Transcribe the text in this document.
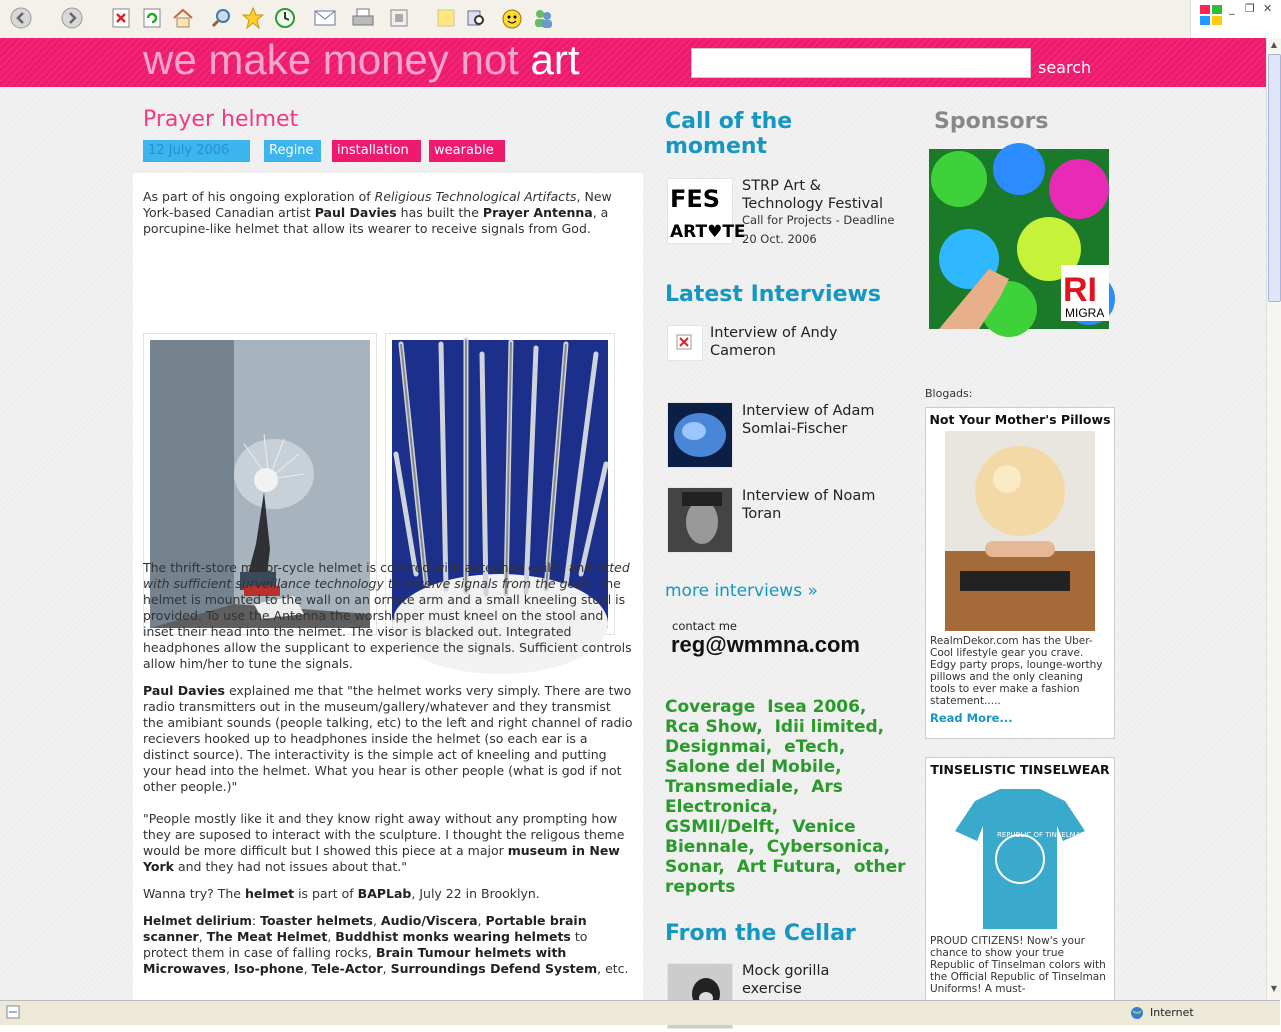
_ ❐ ✕
we make money not art	search
▲
▼
Prayer helmet
12 July 2006	Regine	installation	wearable
As part of his ongoing exploration of Religious Technological Artifacts, New York-based Canadian artist Paul Davies has built the Prayer Antenna, a porcupine-like helmet that allow its wearer to receive signals from God.
The thrift-store motor-cycle helmet is covered with antennae quills, and fitted with sufficient surveillance technology to receive signals from the gods. The helmet is mounted to the wall on an ornate arm and a small kneeling stool is provided. To use the Antenna the worshipper must kneel on the stool and inset their head into the helmet. The visor is blacked out. Integrated headphones allow the supplicant to experience the signals. Sufficient controls allow him/her to tune the signals.
Paul Davies explained me that "the helmet works very simply. There are two radio transmitters out in the museum/gallery/whatever and they transmist the amibiant sounds (people talking, etc) to the left and right channel of radio recievers hooked up to headphones inside the helmet (so each ear is a distinct source). The interactivity is the simple act of kneeling and putting your head into the helmet. What you hear is other people (what is god if not other people.)"
"People mostly like it and they know right away without any prompting how they are suposed to interact with the sculpture. I thought the religous theme would be more difficult but I showed this piece at a major museum in New York and they had not issues about that."
Wanna try? The helmet is part of BAPLab, July 22 in Brooklyn.
Helmet delirium: Toaster helmets, Audio/Viscera, Portable brain scanner, The Meat Helmet, Buddhist monks wearing helmets to protect them in case of falling rocks, Brain Tumour helmets with Microwaves, Iso-phone, Tele-Actor, Surroundings Defend System, etc.
Call of the moment
FES
ART♥TE
STRP Art & Technology Festival
Call for Projects - Deadline 20 Oct. 2006
Latest Interviews
Interview of Andy Cameron
Interview of Adam Somlai-Fischer
Interview of Noam Toran
more interviews »
contact me
reg@wmmna.com
Coverage Isea 2006, Rca Show, Idii limited, Designmai, eTech, Salone del Mobile, Transmediale, Ars Electronica, GSMII/Delft, Venice Biennale, Cybersonica, Sonar, Art Futura, other reports
From the Cellar
Mock gorilla exercise
Sponsors
RI
MIGRA
Blogads:
Not Your Mother's Pillows
RealmDekor.com has the Uber-Cool lifestyle gear you crave. Edgy party props, lounge-worthy pillows and the only cleaning tools to ever make a fashion statement.....
Read More...
TINSELISTIC TINSELWEAR
REPUBLIC OF TINSELMAN
PROUD CITIZENS! Now's your chance to show your true Republic of Tinselman colors with the Official Republic of Tinselman Uniforms! A must-
Internet
